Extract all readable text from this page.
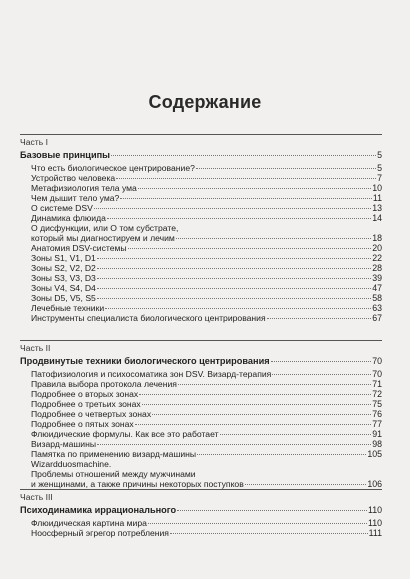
Содержание
Часть I
Базовые принципы	5
Что есть биологическое центрирование?	5
Устройство человека	7
Метафизиология тела ума	10
Чем дышит тело ума?	11
О системе DSV	13
Динамика флюида	14
О дисфункции, или О том субстрате,
который мы диагностируем и лечим	18
Анатомия DSV-системы	20
Зоны S1, V1, D1	22
Зоны S2, V2, D2	28
Зоны S3, V3, D3	39
Зоны V4, S4, D4	47
Зоны D5, V5, S5	58
Лечебные техники	63
Инструменты специалиста биологического центрирования	67
Часть II
Продвинутые техники биологического центрирования	70
Патофизиология и психосоматика зон DSV. Визард-терапия	70
Правила выбора протокола лечения	71
Подробнее о вторых зонах	72
Подробнее о третьих зонах	75
Подробнее о четвертых зонах	76
Подробнее о пятых зонах	77
Флюидические формулы. Как все это работает	91
Визард-машины	98
Памятка по применению визард-машины	105
Wizardduosmachine.
Проблемы отношений между мужчинами
и женщинами, а также причины некоторых поступков	106
Часть III
Психодинамика иррационального	110
Флюидическая картина мира	110
Ноосферный эгрегор потребления	111
